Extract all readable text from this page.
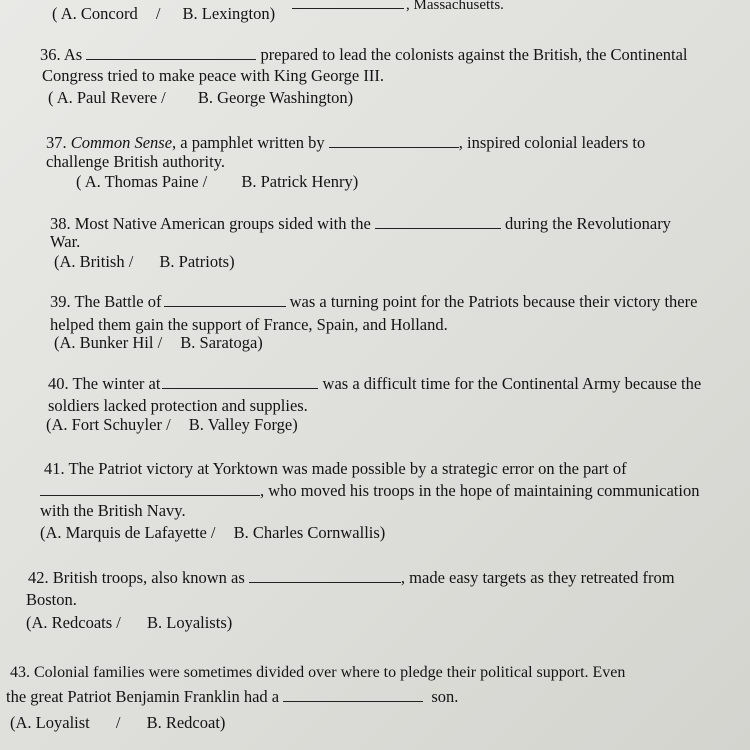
, Massachusetts.
( A. Concord / B. Lexington)
36. As	prepared to lead the colonists against the British, the Continental
Congress tried to make peace with King George III.
( A. Paul Revere / B. George Washington)
37. Common Sense, a pamphlet written by	, inspired colonial leaders to
challenge British authority.
( A. Thomas Paine / B. Patrick Henry)
38. Most Native American groups sided with the	during the Revolutionary
War.
(A. British / B. Patriots)
39. The Battle of	was a turning point for the Patriots because their victory there
helped them gain the support of France, Spain, and Holland.
(A. Bunker Hil / B. Saratoga)
40. The winter at	was a difficult time for the Continental Army because the
soldiers lacked protection and supplies.
(A. Fort Schuyler / B. Valley Forge)
41. The Patriot victory at Yorktown was made possible by a strategic error on the part of
, who moved his troops in the hope of maintaining communication
with the British Navy.
(A. Marquis de Lafayette / B. Charles Cornwallis)
42. British troops, also known as	, made easy targets as they retreated from
Boston.
(A. Redcoats / B. Loyalists)
43. Colonial families were sometimes divided over where to pledge their political support. Even
the great Patriot Benjamin Franklin had a	son.
(A. Loyalist / B. Redcoat)
